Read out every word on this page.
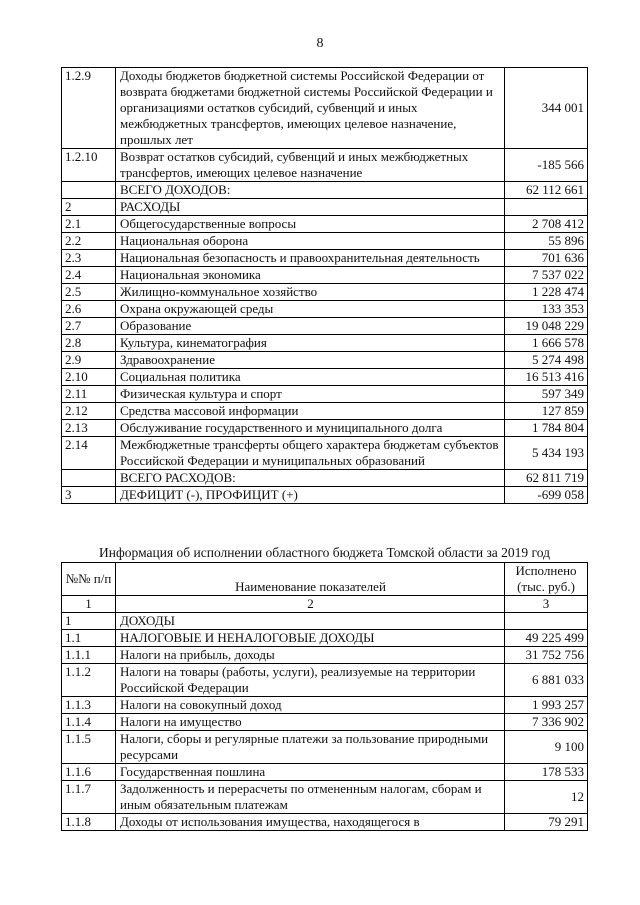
8
1.2.9	Доходы бюджетов бюджетной системы Российской Федерации от возврата бюджетами бюджетной системы Российской Федерации и организациями остатков субсидий, субвенций и иных межбюджетных трансфертов, имеющих целевое назначение, прошлых лет	344 001
1.2.10	Возврат остатков субсидий, субвенций и иных межбюджетных трансфертов, имеющих целевое назначение	-185 566
	ВСЕГО ДОХОДОВ:	62 112 661
2	РАСХОДЫ	
2.1	Общегосударственные вопросы	2 708 412
2.2	Национальная оборона	55 896
2.3	Национальная безопасность и правоохранительная деятельность	701 636
2.4	Национальная экономика	7 537 022
2.5	Жилищно-коммунальное хозяйство	1 228 474
2.6	Охрана окружающей среды	133 353
2.7	Образование	19 048 229
2.8	Культура, кинематография	1 666 578
2.9	Здравоохранение	5 274 498
2.10	Социальная политика	16 513 416
2.11	Физическая культура и спорт	597 349
2.12	Средства массовой информации	127 859
2.13	Обслуживание государственного и муниципального долга	1 784 804
2.14	Межбюджетные трансферты общего характера бюджетам субъектов Российской Федерации и муниципальных образований	5 434 193
	ВСЕГО РАСХОДОВ:	62 811 719
3	ДЕФИЦИТ (-), ПРОФИЦИТ (+)	-699 058
Информация об исполнении областного бюджета Томской области за 2019 год
№№ п/п	Наименование показателей	Исполнено (тыс. руб.)
1	2	3
1	ДОХОДЫ	
1.1	НАЛОГОВЫЕ И НЕНАЛОГОВЫЕ ДОХОДЫ	49 225 499
1.1.1	Налоги на прибыль, доходы	31 752 756
1.1.2	Налоги на товары (работы, услуги), реализуемые на территории Российской Федерации	6 881 033
1.1.3	Налоги на совокупный доход	1 993 257
1.1.4	Налоги на имущество	7 336 902
1.1.5	Налоги, сборы и регулярные платежи за пользование природными ресурсами	9 100
1.1.6	Государственная пошлина	178 533
1.1.7	Задолженность и перерасчеты по отмененным налогам, сборам и иным обязательным платежам	12
1.1.8	Доходы от использования имущества, находящегося в	79 291
